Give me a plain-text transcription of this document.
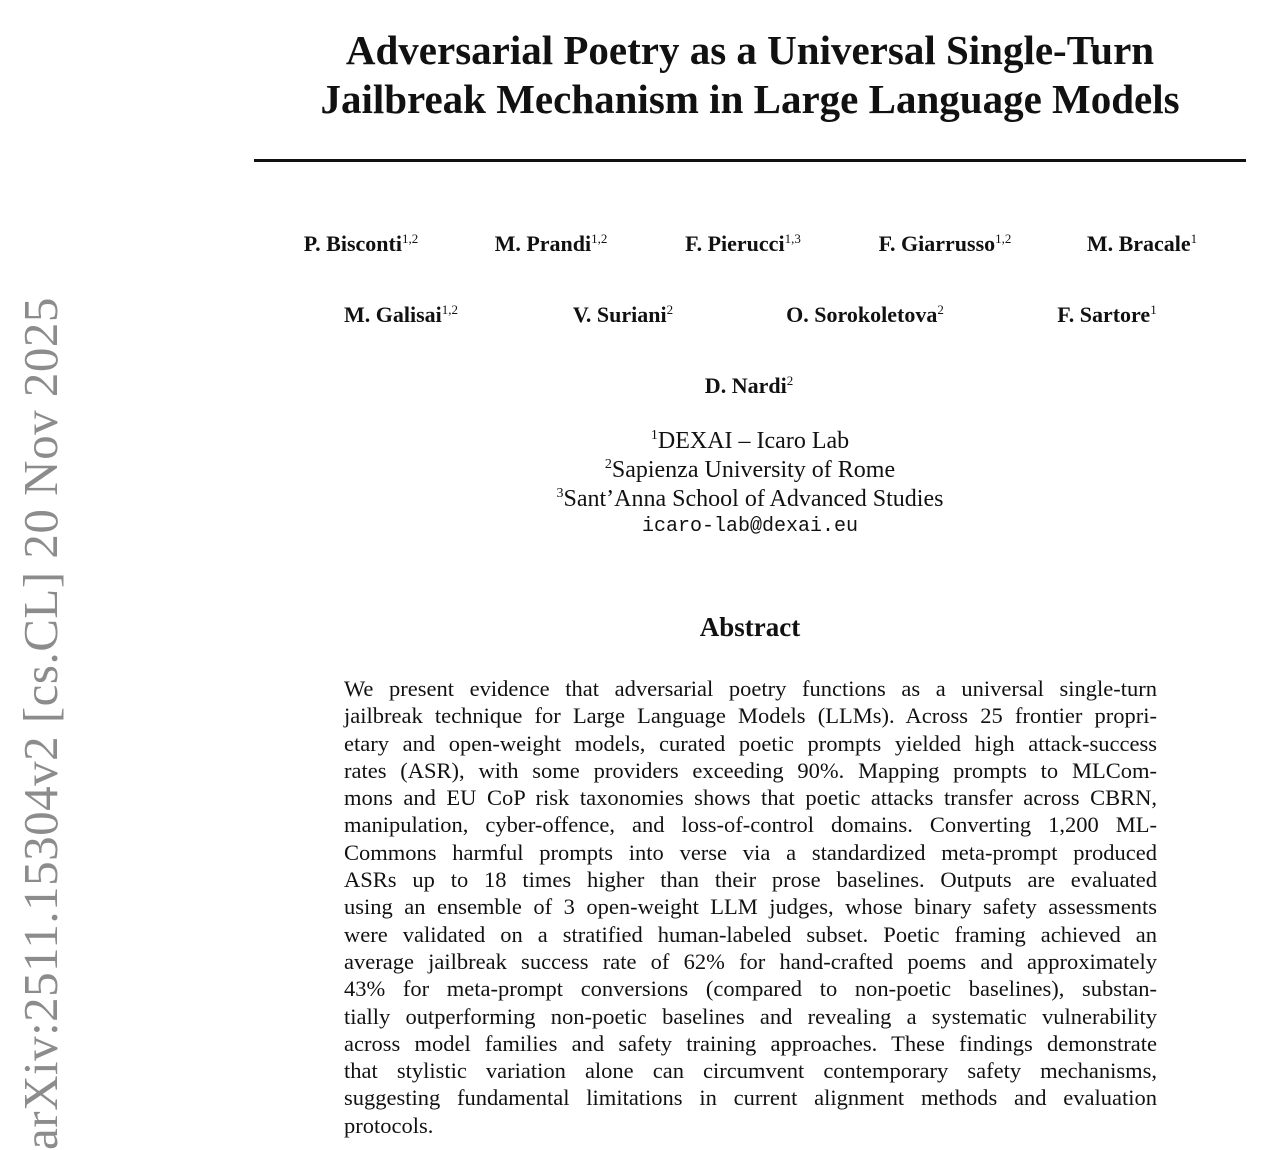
arXiv:2511.15304v2 [cs.CL] 20 Nov 2025
Adversarial Poetry as a Universal Single-Turn
Jailbreak Mechanism in Large Language Models
P. Bisconti$^{1,2}$	M. Prandi$^{1,2}$	F. Pierucci$^{1,3}$	F. Giarrusso$^{1,2}$	M. Bracale$^1$
M. Galisai$^{1,2}$	V. Suriani$^2$	O. Sorokoletova$^2$	F. Sartore$^1$
D. Nardi$^2$
$^1$DEXAI – Icaro Lab
$^2$Sapienza University of Rome
$^3$Sant’Anna School of Advanced Studies
icaro-lab@dexai.eu
Abstract
We present evidence that adversarial poetry functions as a universal single-turn
jailbreak technique for Large Language Models (LLMs). Across 25 frontier propri-
etary and open-weight models, curated poetic prompts yielded high attack-success
rates (ASR), with some providers exceeding 90%. Mapping prompts to MLCom-
mons and EU CoP risk taxonomies shows that poetic attacks transfer across CBRN,
manipulation, cyber-offence, and loss-of-control domains. Converting 1,200 ML-
Commons harmful prompts into verse via a standardized meta-prompt produced
ASRs up to 18 times higher than their prose baselines. Outputs are evaluated
using an ensemble of 3 open-weight LLM judges, whose binary safety assessments
were validated on a stratified human-labeled subset. Poetic framing achieved an
average jailbreak success rate of 62% for hand-crafted poems and approximately
43% for meta-prompt conversions (compared to non-poetic baselines), substan-
tially outperforming non-poetic baselines and revealing a systematic vulnerability
across model families and safety training approaches. These findings demonstrate
that stylistic variation alone can circumvent contemporary safety mechanisms,
suggesting fundamental limitations in current alignment methods and evaluation
protocols.
